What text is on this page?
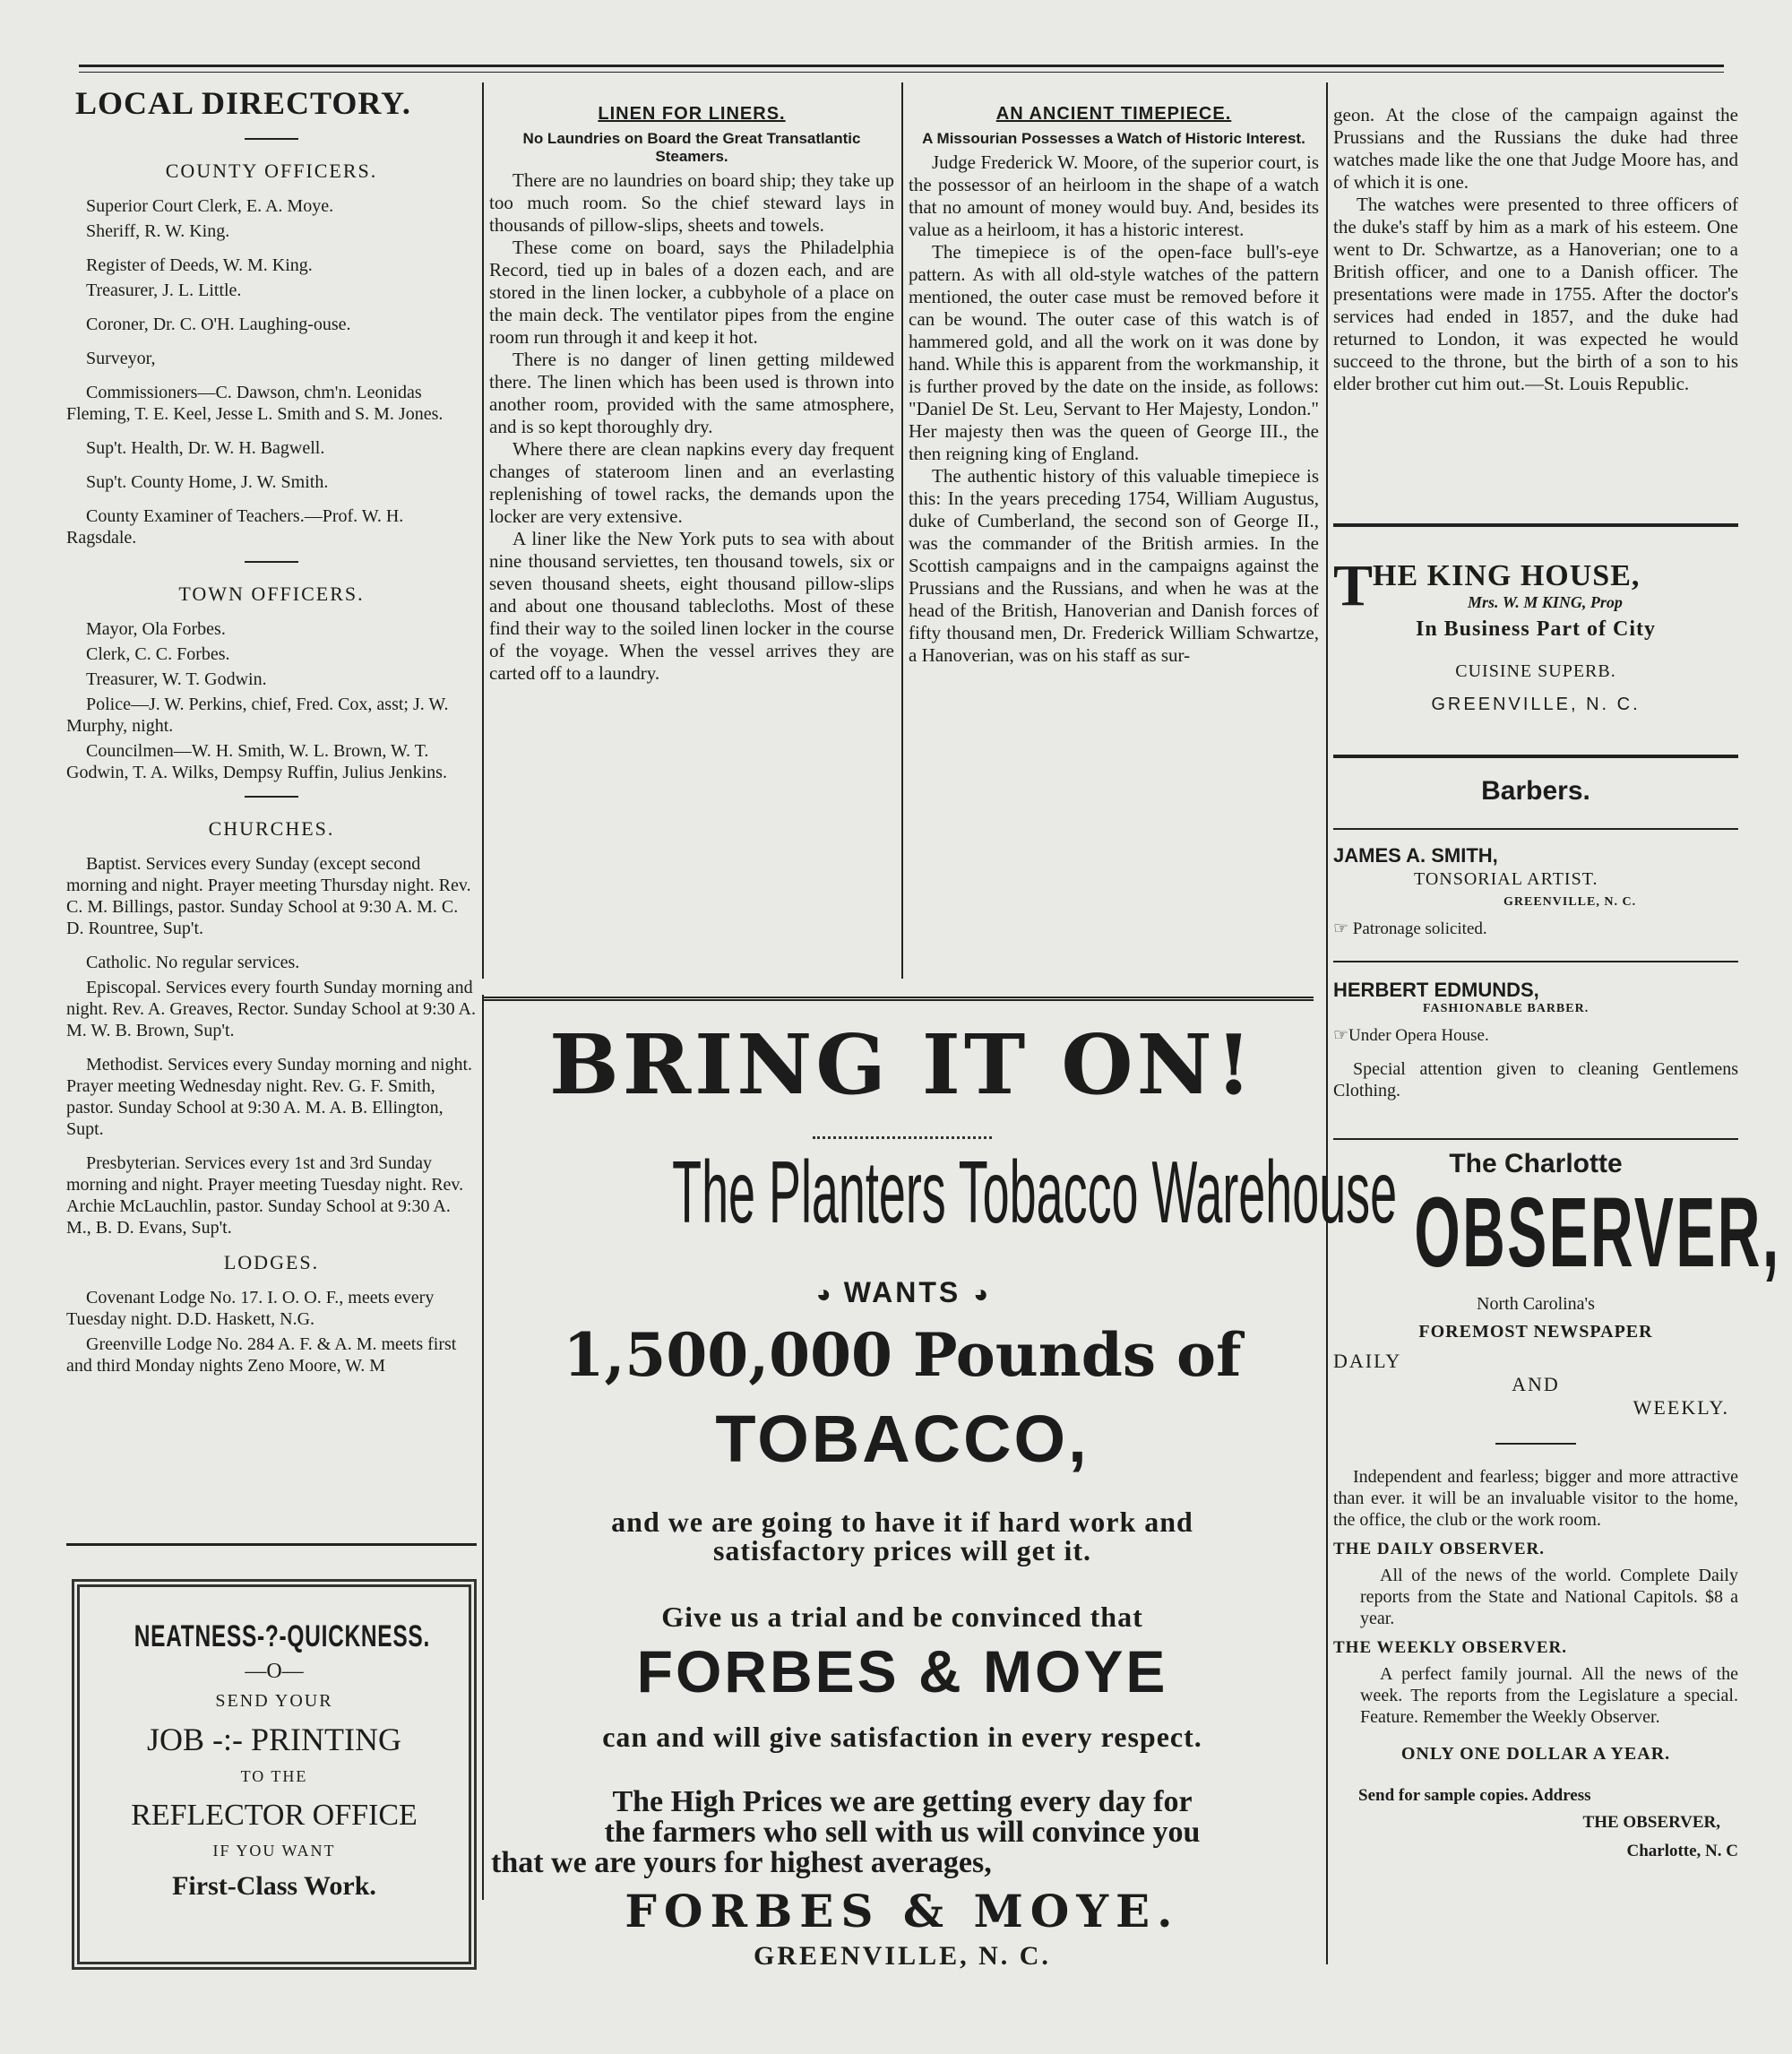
LOCAL DIRECTORY.

COUNTY OFFICERS.

Superior Court Clerk, E. A. Moye.

Sheriff, R. W. King.

Register of Deeds, W. M. King.

Treasurer, J. L. Little.

Coroner, Dr. C. O'H. Laughing-ouse.

Surveyor,

Commissioners—C. Dawson, chm'n. Leonidas Fleming, T. E. Keel, Jesse L. Smith and S. M. Jones.

Sup't. Health, Dr. W. H. Bagwell.

Sup't. County Home, J. W. Smith.

County Examiner of Teachers.—Prof. W. H. Ragsdale.

TOWN OFFICERS.

Mayor, Ola Forbes.

Clerk, C. C. Forbes.

Treasurer, W. T. Godwin.

Police—J. W. Perkins, chief, Fred. Cox, asst; J. W. Murphy, night.

Councilmen—W. H. Smith, W. L. Brown, W. T. Godwin, T. A. Wilks, Dempsy Ruffin, Julius Jenkins.

CHURCHES.

Baptist. Services every Sunday (except second morning and night. Prayer meeting Thursday night. Rev. C. M. Billings, pastor. Sunday School at 9:30 A. M. C. D. Rountree, Sup't.

Catholic. No regular services.

Episcopal. Services every fourth Sunday morning and night. Rev. A. Greaves, Rector. Sunday School at 9:30 A. M. W. B. Brown, Sup't.

Methodist. Services every Sunday morning and night. Prayer meeting Wednesday night. Rev. G. F. Smith, pastor. Sunday School at 9:30 A. M. A. B. Ellington, Supt.

Presbyterian. Services every 1st and 3rd Sunday morning and night. Prayer meeting Tuesday night. Rev. Archie McLauchlin, pastor. Sunday School at 9:30 A. M., B. D. Evans, Sup't.

LODGES.

Covenant Lodge No. 17. I. O. O. F., meets every Tuesday night. D.D. Haskett, N.G.

Greenville Lodge No. 284 A. F. & A. M. meets first and third Monday nights Zeno Moore, W. M

NEATNESS-?-QUICKNESS.

—O—

SEND YOUR

JOB -:- PRINTING

TO THE

REFLECTOR OFFICE

IF YOU WANT

First-Class Work.

LINEN FOR LINERS.

No Laundries on Board the Great Transatlantic Steamers.

There are no laundries on board ship; they take up too much room. So the chief steward lays in thousands of pillow-slips, sheets and towels.

These come on board, says the Philadelphia Record, tied up in bales of a dozen each, and are stored in the linen locker, a cubbyhole of a place on the main deck. The ventilator pipes from the engine room run through it and keep it hot.

There is no danger of linen getting mildewed there. The linen which has been used is thrown into another room, provided with the same atmosphere, and is so kept thoroughly dry.

Where there are clean napkins every day frequent changes of stateroom linen and an everlasting replenishing of towel racks, the demands upon the locker are very extensive.

A liner like the New York puts to sea with about nine thousand serviettes, ten thousand towels, six or seven thousand sheets, eight thousand pillow-slips and about one thousand tablecloths. Most of these find their way to the soiled linen locker in the course of the voyage. When the vessel arrives they are carted off to a laundry.

AN ANCIENT TIMEPIECE.

A Missourian Possesses a Watch of Historic Interest.

Judge Frederick W. Moore, of the superior court, is the possessor of an heirloom in the shape of a watch that no amount of money would buy. And, besides its value as a heirloom, it has a historic interest.

The timepiece is of the open-face bull's-eye pattern. As with all old-style watches of the pattern mentioned, the outer case must be removed before it can be wound. The outer case of this watch is of hammered gold, and all the work on it was done by hand. While this is apparent from the workmanship, it is further proved by the date on the inside, as follows: "Daniel De St. Leu, Servant to Her Majesty, London." Her majesty then was the queen of George III., the then reigning king of England.

The authentic history of this valuable timepiece is this: In the years preceding 1754, William Augustus, duke of Cumberland, the second son of George II., was the commander of the British armies. In the Scottish campaigns and in the campaigns against the Prussians and the Russians, and when he was at the head of the British, Hanoverian and Danish forces of fifty thousand men, Dr. Frederick William Schwartze, a Hanoverian, was on his staff as sur-

geon. At the close of the campaign against the Prussians and the Russians the duke had three watches made like the one that Judge Moore has, and of which it is one.

The watches were presented to three officers of the duke's staff by him as a mark of his esteem. One went to Dr. Schwartze, as a Hanoverian; one to a British officer, and one to a Danish officer. The presentations were made in 1755. After the doctor's services had ended in 1857, and the duke had returned to London, it was expected he would succeed to the throne, but the birth of a son to his elder brother cut him out.—St. Louis Republic.

THE KING HOUSE,

Mrs. W. M KING, Prop

In Business Part of City

CUISINE SUPERB.

GREENVILLE, N. C.

Barbers.

JAMES A. SMITH,

TONSORIAL ARTIST.

GREENVILLE, N. C.

☞ Patronage solicited.

HERBERT EDMUNDS,

FASHIONABLE BARBER.

☞Under Opera House.

Special attention given to cleaning Gentlemens Clothing.

The Charlotte

OBSERVER,

North Carolina's

FOREMOST NEWSPAPER

DAILY

AND

WEEKLY.

Independent and fearless; bigger and more attractive than ever. it will be an invaluable visitor to the home, the office, the club or the work room.

THE DAILY OBSERVER.

All of the news of the world. Complete Daily reports from the State and National Capitols. $8 a year.

THE WEEKLY OBSERVER.

A perfect family journal. All the news of the week. The reports from the Legislature a special. Feature. Remember the Weekly Observer.

ONLY ONE DOLLAR A YEAR.

Send for sample copies. Address

THE OBSERVER,

Charlotte, N. C

BRING IT ON!

The Planters Tobacco Warehouse

◕ WANTS ◕

1,500,000 Pounds of

TOBACCO,

and we are going to have it if hard work and

satisfactory prices will get it.

Give us a trial and be convinced that

FORBES & MOYE

can and will give satisfaction in every respect.

The High Prices we are getting every day for

the farmers who sell with us will convince you

that we are yours for highest averages,

FORBES & MOYE.

GREENVILLE, N. C.
